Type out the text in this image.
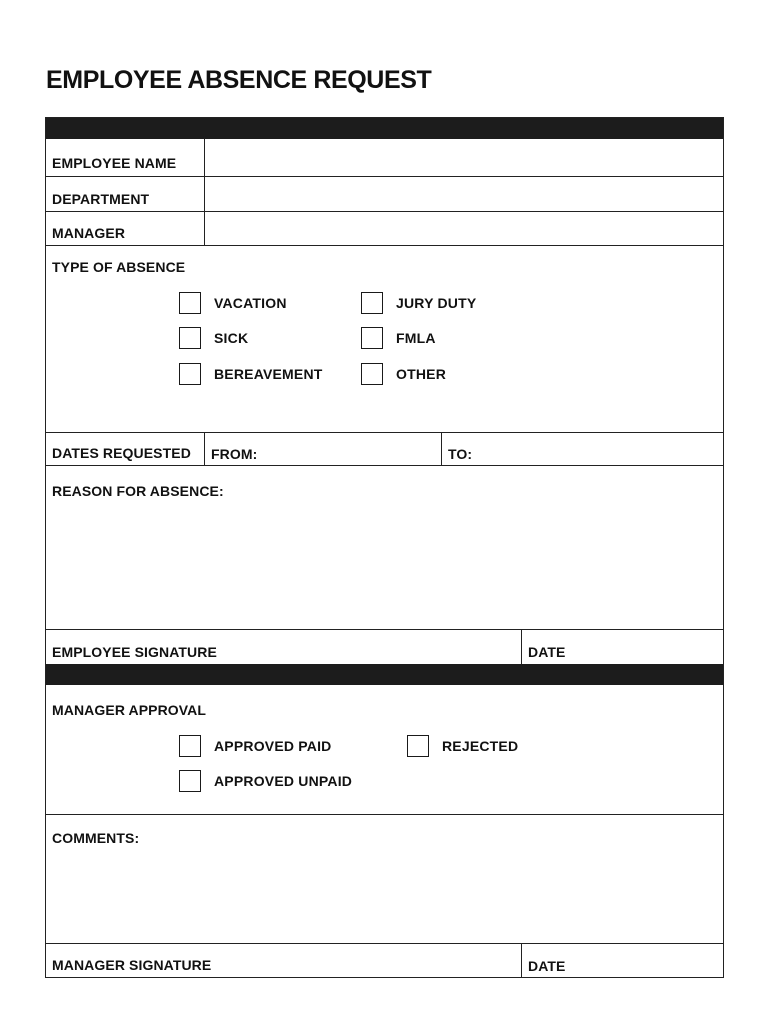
EMPLOYEE ABSENCE REQUEST
EMPLOYEE NAME
DEPARTMENT
MANAGER
TYPE OF ABSENCE
VACATION	JURY DUTY
SICK	FMLA
BEREAVEMENT	OTHER
DATES REQUESTED FROM:	TO:
REASON FOR ABSENCE:
EMPLOYEE SIGNATURE	DATE
MANAGER APPROVAL
APPROVED PAID	REJECTED
APPROVED UNPAID
COMMENTS:
MANAGER SIGNATURE	DATE
